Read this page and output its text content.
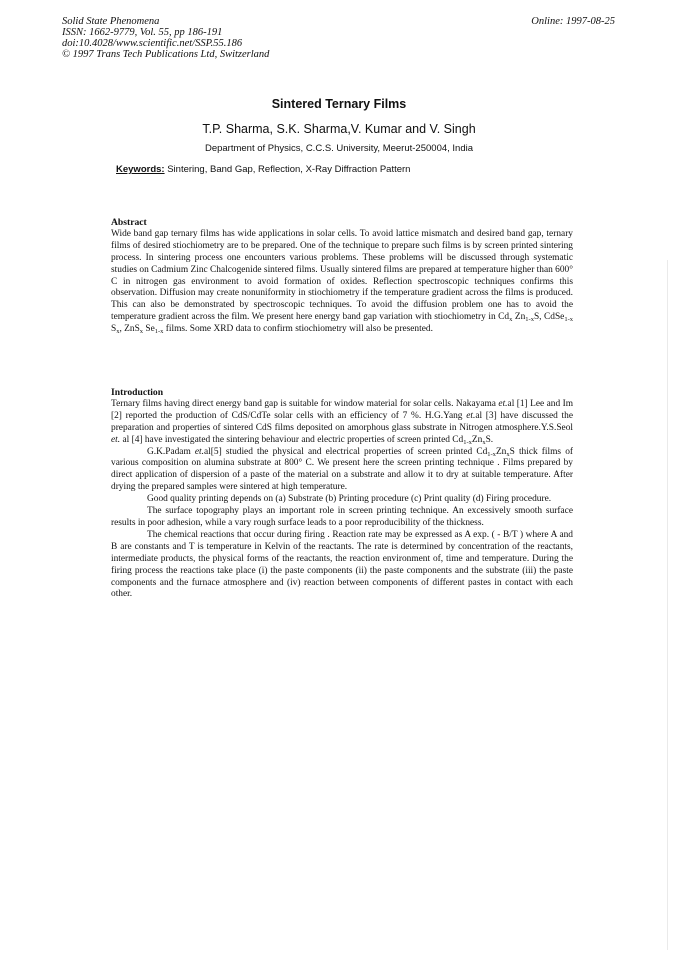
Solid State Phenomena
ISSN: 1662-9779, Vol. 55, pp 186-191
doi:10.4028/www.scientific.net/SSP.55.186
© 1997 Trans Tech Publications Ltd, Switzerland
Online: 1997-08-25
Sintered Ternary Films
T.P. Sharma, S.K. Sharma,V. Kumar and V. Singh
Department of Physics, C.C.S. University, Meerut-250004, India
Keywords: Sintering, Band Gap, Reflection, X-Ray Diffraction Pattern
Abstract

Wide band gap ternary films has wide applications in solar cells. To avoid lattice mismatch and desired band gap, ternary films of desired stiochiometry are to be prepared. One of the technique to prepare such films is by screen printed sintering process. In sintering process one encounters various problems. These problems will be discussed through systematic studies on Cadmium Zinc Chalcogenide sintered films. Usually sintered films are prepared at temperature higher than 600° C in nitrogen gas environment to avoid formation of oxides. Reflection spectroscopic techniques confirms this observation. Diffusion may create nonuniformity in stiochiometry if the temperature gradient across the films is produced. This can also be demonstrated by spectroscopic techniques. To avoid the diffusion problem one has to avoid the temperature gradient across the film. We present here energy band gap variation with stiochiometry in $Cd_x$ $Zn_{1-x}S$, CdSe$_{1-x}$ $S_x$, ZnS$_x$ $Se_{1-x}$ films. Some XRD data to confirm stiochiometry will also be presented.

Introduction

Ternary films having direct energy band gap is suitable for window material for solar cells. Nakayama et.al [1] Lee and Im [2] reported the production of CdS/CdTe solar cells with an efficiency of 7 %. H.G.Yang et.al [3] have discussed the preparation and properties of sintered CdS films deposited on amorphous glass substrate in Nitrogen atmosphere.Y.S.Seol et. al [4] have investigated the sintering behaviour and electric properties of screen printed $Cd_{1-x}Zn_xS$.

G.K.Padam et.al[5] studied the physical and electrical properties of screen printed $Cd_{1-x}Zn_xS$ thick films of various composition on alumina substrate at 800° C. We present here the screen printing technique . Films prepared by direct application of dispersion of a paste of the material on a substrate and allow it to dry at suitable temperature. After drying the prepared samples were sintered at high temperature.

Good quality printing depends on (a) Substrate (b) Printing procedure (c) Print quality (d) Firing procedure.

The surface topography plays an important role in screen printing technique. An excessively smooth surface results in poor adhesion, while a vary rough surface leads to a poor reproducibility of the thickness.

The chemical reactions that occur during firing . Reaction rate may be expressed as A exp. ( - B/T ) where A and B are constants and T is temperature in Kelvin of the reactants. The rate is determined by concentration of the reactants, intermediate products, the physical forms of the reactants, the reaction environment of, time and temperature. During the firing process the reactions take place (i) the paste components (ii) the paste components and the substrate (iii) the paste components and the furnace atmosphere and (iv) reaction between components of different pastes in contact with each other.
